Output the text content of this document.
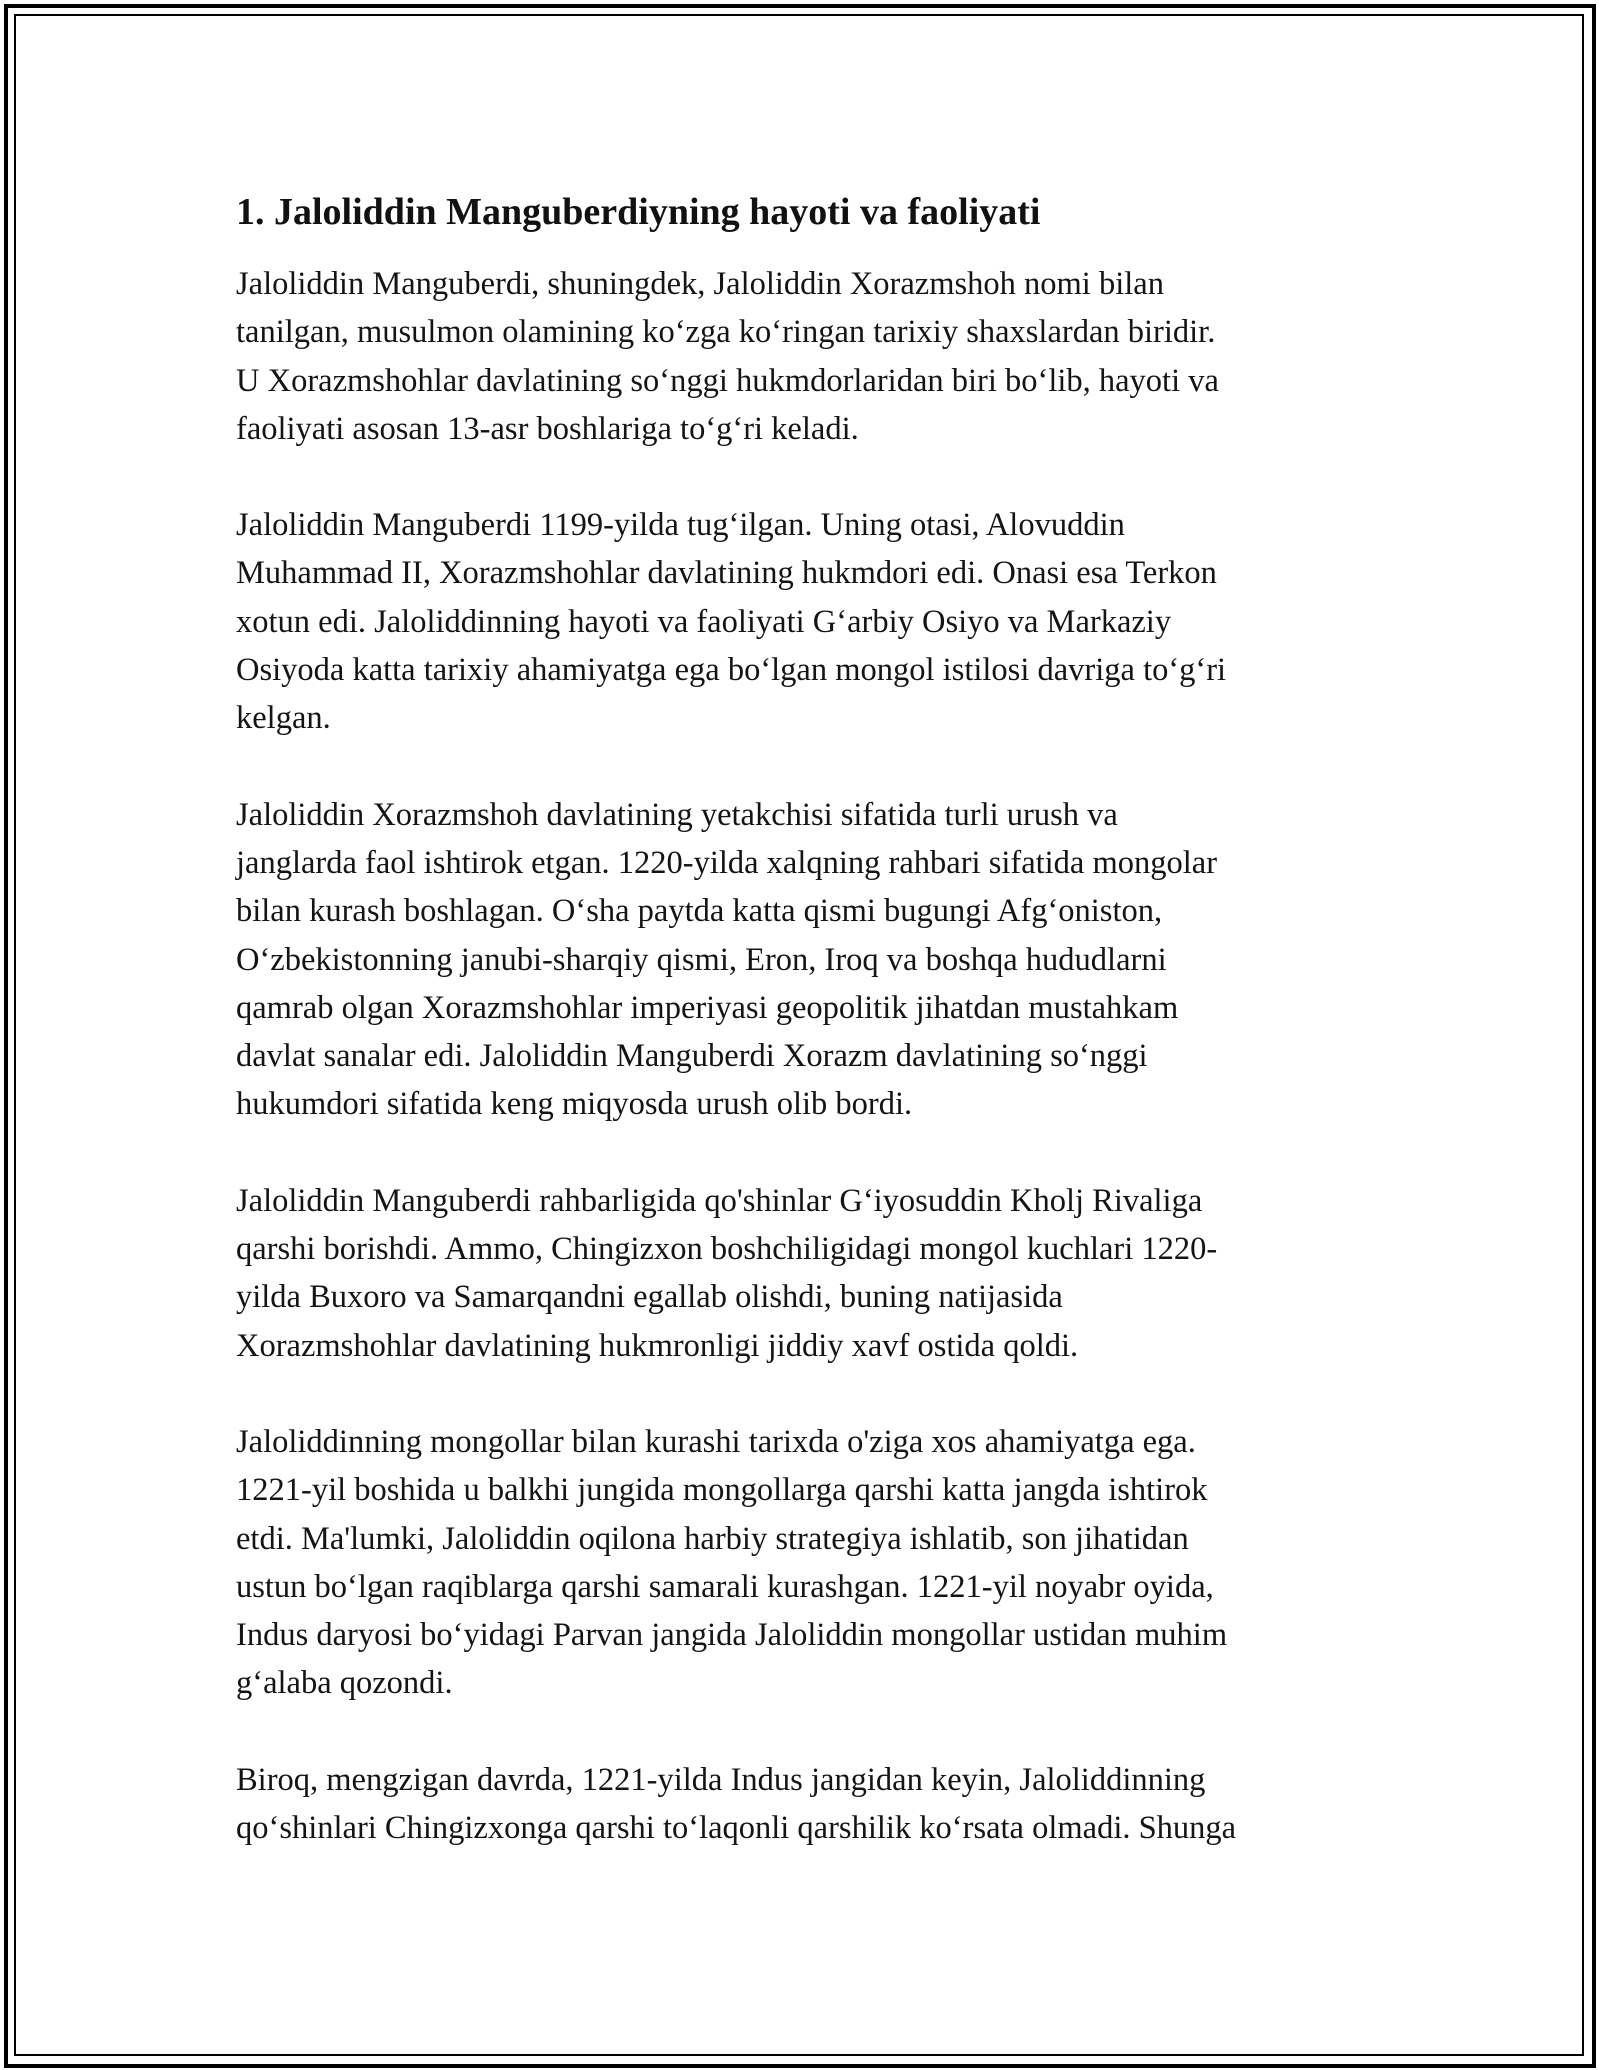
1. Jaloliddin Manguberdiyning hayoti va faoliyati

Jaloliddin Manguberdi, shuningdek, Jaloliddin Xorazmshoh nomi bilan
tanilgan, musulmon olamining ko‘zga ko‘ringan tarixiy shaxslardan biridir.
U Xorazmshohlar davlatining so‘nggi hukmdorlaridan biri bo‘lib, hayoti va
faoliyati asosan 13-asr boshlariga to‘g‘ri keladi.

Jaloliddin Manguberdi 1199-yilda tug‘ilgan. Uning otasi, Alovuddin
Muhammad II, Xorazmshohlar davlatining hukmdori edi. Onasi esa Terkon
xotun edi. Jaloliddinning hayoti va faoliyati G‘arbiy Osiyo va Markaziy
Osiyoda katta tarixiy ahamiyatga ega bo‘lgan mongol istilosi davriga to‘g‘ri
kelgan.

Jaloliddin Xorazmshoh davlatining yetakchisi sifatida turli urush va
janglarda faol ishtirok etgan. 1220-yilda xalqning rahbari sifatida mongolar
bilan kurash boshlagan. O‘sha paytda katta qismi bugungi Afg‘oniston,
O‘zbekistonning janubi-sharqiy qismi, Eron, Iroq va boshqa hududlarni
qamrab olgan Xorazmshohlar imperiyasi geopolitik jihatdan mustahkam
davlat sanalar edi. Jaloliddin Manguberdi Xorazm davlatining so‘nggi
hukumdori sifatida keng miqyosda urush olib bordi.

Jaloliddin Manguberdi rahbarligida qo'shinlar G‘iyosuddin Kholj Rivaliga
qarshi borishdi. Ammo, Chingizxon boshchiligidagi mongol kuchlari 1220-
yilda Buxoro va Samarqandni egallab olishdi, buning natijasida
Xorazmshohlar davlatining hukmronligi jiddiy xavf ostida qoldi.

Jaloliddinning mongollar bilan kurashi tarixda o'ziga xos ahamiyatga ega.
1221-yil boshida u balkhi jungida mongollarga qarshi katta jangda ishtirok
etdi. Ma'lumki, Jaloliddin oqilona harbiy strategiya ishlatib, son jihatidan
ustun bo‘lgan raqiblarga qarshi samarali kurashgan. 1221-yil noyabr oyida,
Indus daryosi bo‘yidagi Parvan jangida Jaloliddin mongollar ustidan muhim
g‘alaba qozondi.

Biroq, mengzigan davrda, 1221-yilda Indus jangidan keyin, Jaloliddinning
qo‘shinlari Chingizxonga qarshi to‘laqonli qarshilik ko‘rsata olmadi. Shunga
